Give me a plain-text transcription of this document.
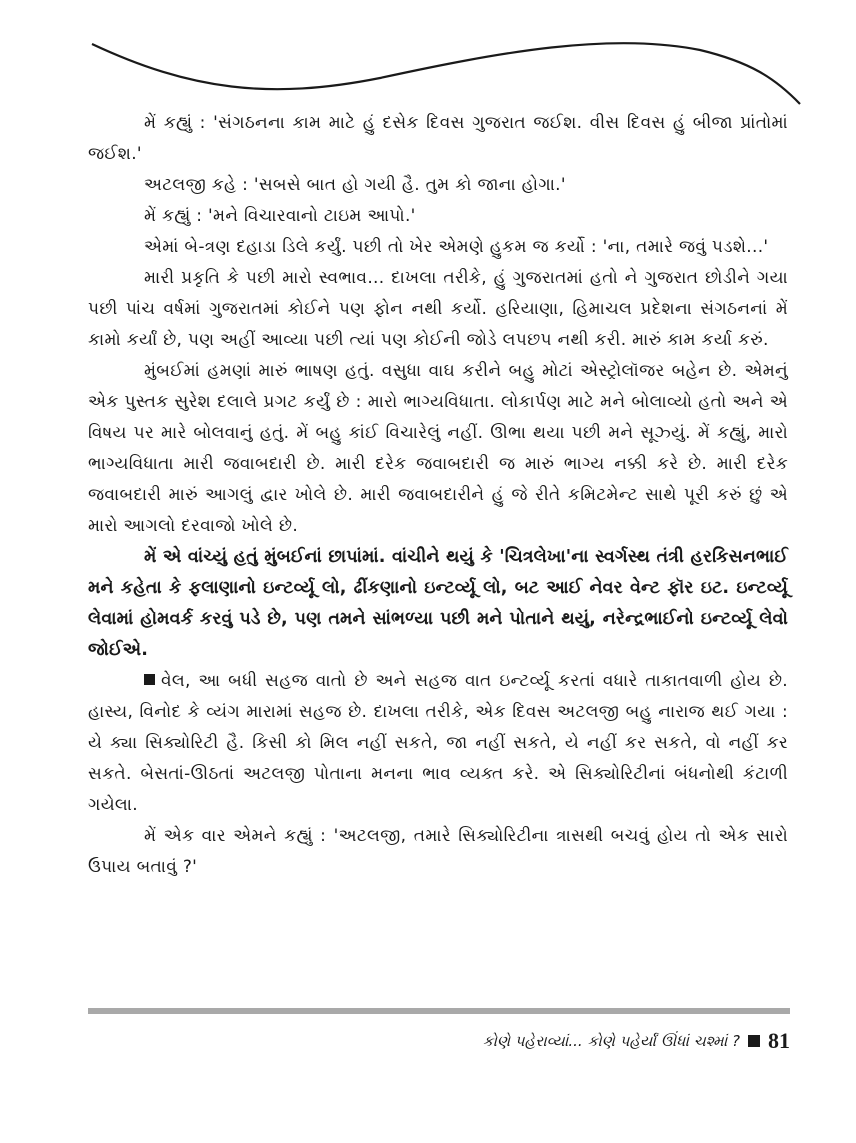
મેં કહ્યું : 'સંગઠનના કામ માટે હું દસેક દિવસ ગુજરાત જઈશ. વીસ દિવસ હું બીજા પ્રાંતોમાં જઈશ.'

અટલજી કહે : 'સબસે બાત હો ગયી હૈ. તુમ કો જાના હોગા.'

મેં કહ્યું : 'મને વિચારવાનો ટાઇમ આપો.'

એમાં બે-ત્રણ દહાડા ડિલે કર્યું. પછી તો ખેર એમણે હુકમ જ કર્યો : 'ના, તમારે જવું પડશે...'

મારી પ્રકૃતિ કે પછી મારો સ્વભાવ... દાખલા તરીકે, હું ગુજરાતમાં હતો ને ગુજરાત છોડીને ગયા પછી પાંચ વર્ષમાં ગુજરાતમાં કોઈને પણ ફોન નથી કર્યો. હરિયાણા, હિમાચલ પ્રદેશના સંગઠનનાં મેં કામો કર્યાં છે, પણ અહીં આવ્યા પછી ત્યાં પણ કોઈની જોડે લપછપ નથી કરી. મારું કામ કર્યા કરું.

મુંબઈમાં હમણાં મારું ભાષણ હતું. વસુધા વાઘ કરીને બહુ મોટાં એસ્ટ્રોલૉજર બહેન છે. એમનું એક પુસ્તક સુરેશ દલાલે પ્રગટ કર્યું છે : મારો ભાગ્યવિધાતા. લોકાર્પણ માટે મને બોલાવ્યો હતો અને એ વિષય પર મારે બોલવાનું હતું. મેં બહુ કાંઈ વિચારેલું નહીં. ઊભા થયા પછી મને સૂઝ્યું. મેં કહ્યું, મારો ભાગ્યવિધાતા મારી જવાબદારી છે. મારી દરેક જવાબદારી જ મારું ભાગ્ય નક્કી કરે છે. મારી દરેક જવાબદારી મારું આગલું દ્વાર ખોલે છે. મારી જવાબદારીને હું જે રીતે કમિટમેન્ટ સાથે પૂરી કરું છું એ મારો આગલો દરવાજો ખોલે છે.

મેં એ વાંચ્યું હતું મુંબઈનાં છાપાંમાં. વાંચીને થયું કે 'ચિત્રલેખા'ના સ્વર્ગસ્થ તંત્રી હરકિસનભાઈ મને કહેતા કે ફલાણાનો ઇન્ટર્વ્યૂ લો, ઢીંકણાનો ઇન્ટર્વ્યૂ લો, બટ આઈ નેવર વેન્ટ ફૉર ઇટ. ઇન્ટર્વ્યૂ લેવામાં હોમવર્ક કરવું પડે છે, પણ તમને સાંભળ્યા પછી મને પોતાને થયું, નરેન્દ્રભાઈનો ઇન્ટર્વ્યૂ લેવો જોઈએ.

વેલ, આ બધી સહજ વાતો છે અને સહજ વાત ઇન્ટર્વ્યૂ કરતાં વધારે તાકાતવાળી હોય છે. હાસ્ય, વિનોદ કે વ્યંગ મારામાં સહજ છે. દાખલા તરીકે, એક દિવસ અટલજી બહુ નારાજ થઈ ગયા : યે ક્યા સિક્યોરિટી હૈ. કિસી કો મિલ નહીં સકતે, જા નહીં સકતે, યે નહીં કર સકતે, વો નહીં કર સકતે. બેસતાં-ઊઠતાં અટલજી પોતાના મનના ભાવ વ્યક્ત કરે. એ સિક્યોરિટીનાં બંધનોથી કંટાળી ગયેલા.

મેં એક વાર એમને કહ્યું : 'અટલજી, તમારે સિક્યોરિટીના ત્રાસથી બચવું હોય તો એક સારો ઉપાય બતાવું ?'

કોણે પહેરાવ્યાં... કોણે પહેર્યાં ઊંધાં ચશ્માં ? 81
